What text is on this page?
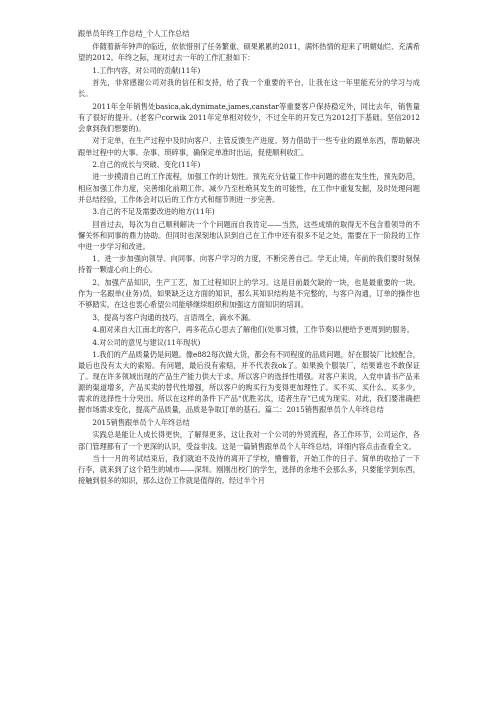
跟单员年终工作总结_个人工作总结

伴随着新年钟声的临近，依依惜别了任务繁重、硕果累累的2011，满怀热情的迎来了明媚灿烂、充满希望的2012。年终之际，现对过去一年的工作汇报如下：

1.工作内容，对公司的贡献(11年)

首先，非常感谢公司对我的信任和支持，给了我一个重要的平台，让我在这一年里能充分的学习与成长。

2011年全年销售处basica,ak,dynimate,james,canstar等重要客户保持稳定外，同比去年，销售量有了很好的提升。(老客户corwik 2011年定单相对较少，不过全年的开发已为2012打下基础。坚信2012会拿到我们想要的)。

对于定单，在生产过程中及时向客户、主管反馈生产进度。努力借助于一些专业的跟单东西，帮助解决跟单过程中的大事、杂事、琐碎事，确保定单准时出运，促使顺利收汇。

2.自己的成长与突破、变化(11年)

进一步摸清自己的工作流程，加强工作的计划性。预先充分估量工作中问题的潜在发生性，预先防范，相应加强工作力度，完善细化前期工作。减少乃至杜绝其发生的可能性，在工作中重复发掘，及时处理问题并总结经验，工作体会对以后的工作方式和细节则进一步完善。

3.自己的不足及需要改进的地方(11年)

回首过去，每次为自己顺利解决一个个问题而自我肯定——当然，这些成绩的取得无不包含着领导的不懈关怀和同事的鼎力协助。但同时也深刻地认识到自己在工作中还有很多不足之处，需要在下一阶段的工作中进一步学习和改进。

1、进一步加强向领导、向同事、向客户学习的力度，不断完善自己。学无止境，年前的我们要时刻保持着一颗虚心向上的心。

2、加强产品知识，生产工艺，加工过程知识上的学习。这是目前最欠缺的一块，也是最重要的一块。作为一名跟单(业务)员，如果缺乏这方面的知识，那么其知识结构是不完整的，与客户沟通，订单的操作也不够踏实。在这也衷心希望公司能够继续组织和加强这方面知识的培训。

3、提高与客户沟通的技巧，言语周全，滴水不漏。

4.面对来自大江南北的客户，再多花点心思去了解他们(处事习惯，工作节奏)以便给予更周到的服务。

4.对公司的意见与建议(11年现状)

1.我们的产品质量仍是问题。像e882每次做大货，都会有不同程度的品质问题，好在服装厂比较配合，最后也没有太大的索赔。有问题，最后没有索赔，并不代表我ok了。如果换个服装厂，结果谁也不敢保证了。现在许多领域出现的产品生产能力供大于求。所以客户的选择性增强。对客户来说，入党申请书产品来源的渠道增多，产品买卖的替代性增强，所以客户的购买行为变得更加理性了。买不买、买什么、买多少，需求的选择性十分突出。所以在这样的条件下产品“优胜劣汰，适者生存”已成为现实。对此，我们要准确把握市场需求变化，提高产品质量，品质是争取订单的基石。篇二：2015销售跟单员个人年终总结

2015销售跟单员个人年终总结

实践总是能让人成长得更快，了解得更多，这让我对一个公司的外贸流程，各工作环节，公司运作，各部门管理都有了一个更深的认识，受益非浅。这是一篇销售跟单员个人年终总结，详细内容点击查看全文。

当十一月的考试结束后，我们就迫不及待的离开了学校，懵懵着，开始工作的日子。简单的收拾了一下行李，就来到了这个陌生的城市——深圳。刚刚出校门的学生，选择的余地不会那么多，只要能学到东西，接触到很多的知识，那么这份工作就是值得的。经过半个月
